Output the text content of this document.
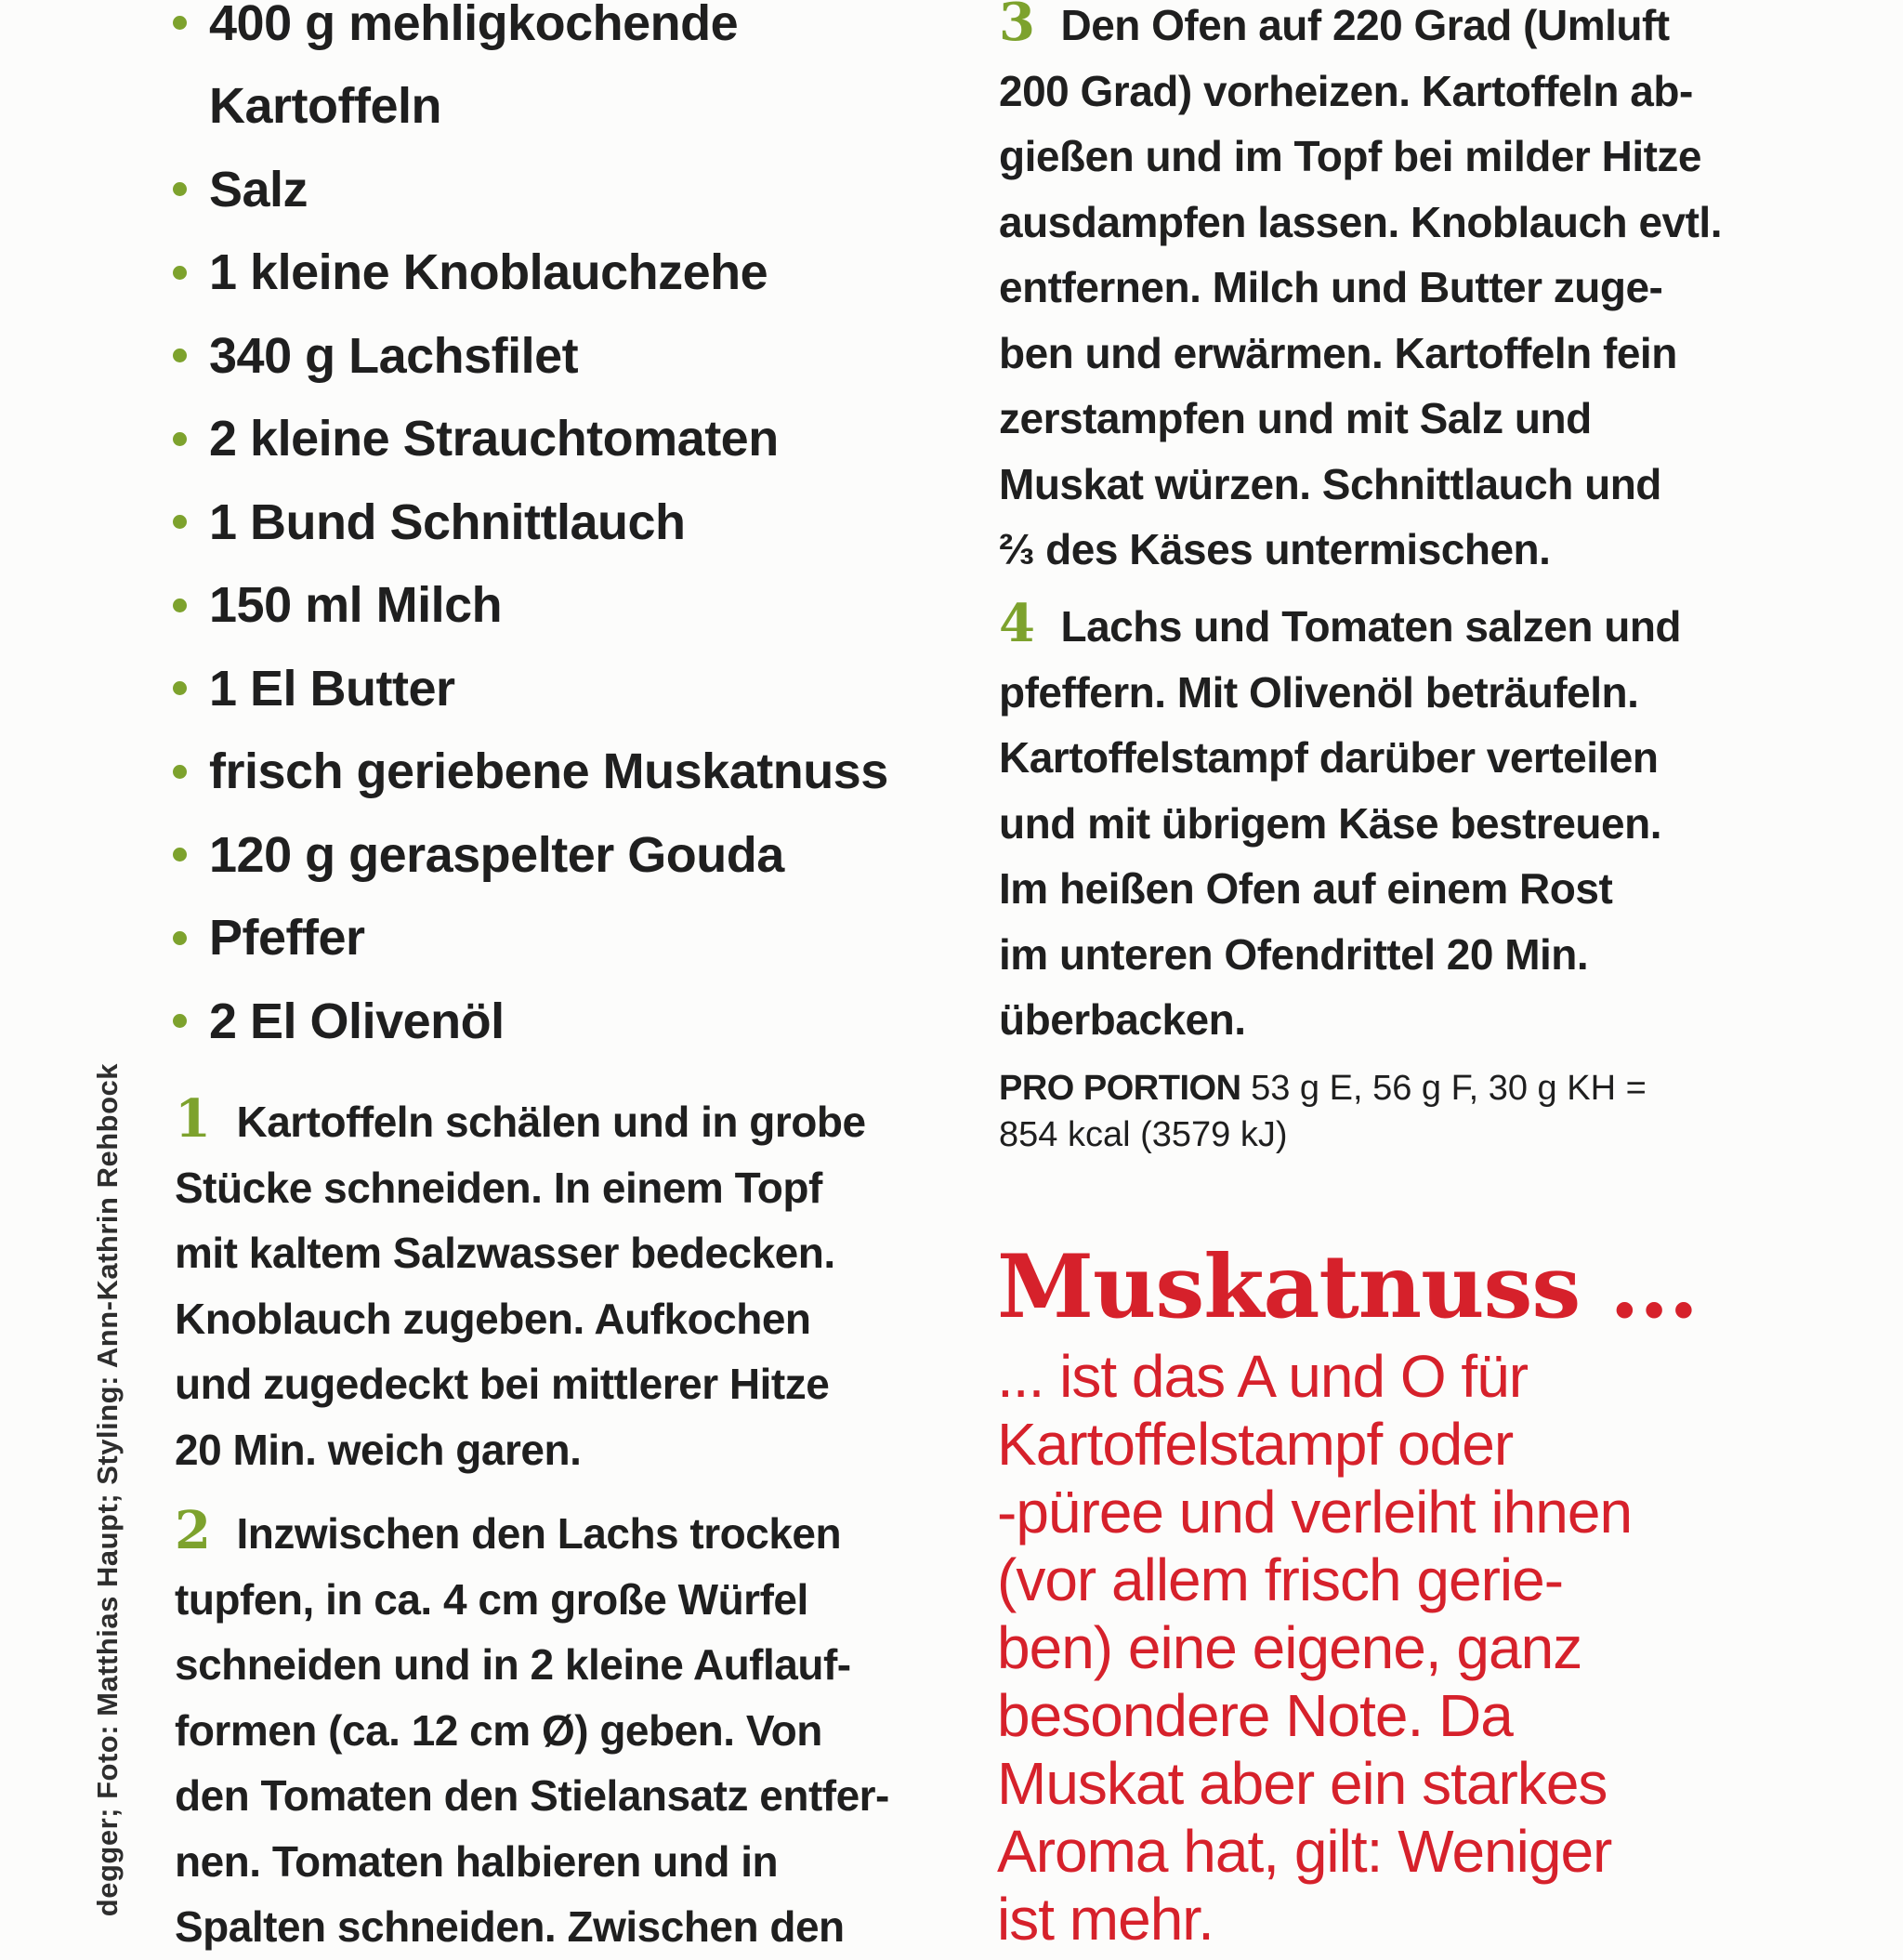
degger; Foto: Matthias Haupt; Styling: Ann-Kathrin Rehbock
400 g mehligkochende
Kartoffeln
Salz
1 kleine Knoblauchzehe
340 g Lachsfilet
2 kleine Strauchtomaten
1 Bund Schnittlauch
150 ml Milch
1 El Butter
frisch geriebene Muskatnuss
120 g geraspelter Gouda
Pfeffer
2 El Olivenöl

1 Kartoffeln schälen und in grobe

Stücke schneiden. In einem Topf

mit kaltem Salzwasser bedecken.

Knoblauch zugeben. Aufkochen

und zugedeckt bei mittlerer Hitze

20 Min. weich garen.

2 Inzwischen den Lachs trocken

tupfen, in ca. 4 cm große Würfel

schneiden und in 2 kleine Auflauf-

formen (ca. 12 cm Ø) geben. Von

den Tomaten den Stielansatz entfer-

nen. Tomaten halbieren und in

Spalten schneiden. Zwischen den

3 Den Ofen auf 220 Grad (Umluft

200 Grad) vorheizen. Kartoffeln ab-

gießen und im Topf bei milder Hitze

ausdampfen lassen. Knoblauch evtl.

entfernen. Milch und Butter zuge-

ben und erwärmen. Kartoffeln fein

zerstampfen und mit Salz und

Muskat würzen. Schnittlauch und

⅔ des Käses untermischen.

4 Lachs und Tomaten salzen und

pfeffern. Mit Olivenöl beträufeln.

Kartoffelstampf darüber verteilen

und mit übrigem Käse bestreuen.

Im heißen Ofen auf einem Rost

im unteren Ofendrittel 20 Min.

überbacken.

PRO PORTION 53 g E, 56 g F, 30 g KH =

854 kcal (3579 kJ)

Muskatnuss ...

... ist das A und O für

Kartoffelstampf oder

-püree und verleiht ihnen

(vor allem frisch gerie-

ben) eine eigene, ganz

besondere Note. Da

Muskat aber ein starkes

Aroma hat, gilt: Weniger

ist mehr.
